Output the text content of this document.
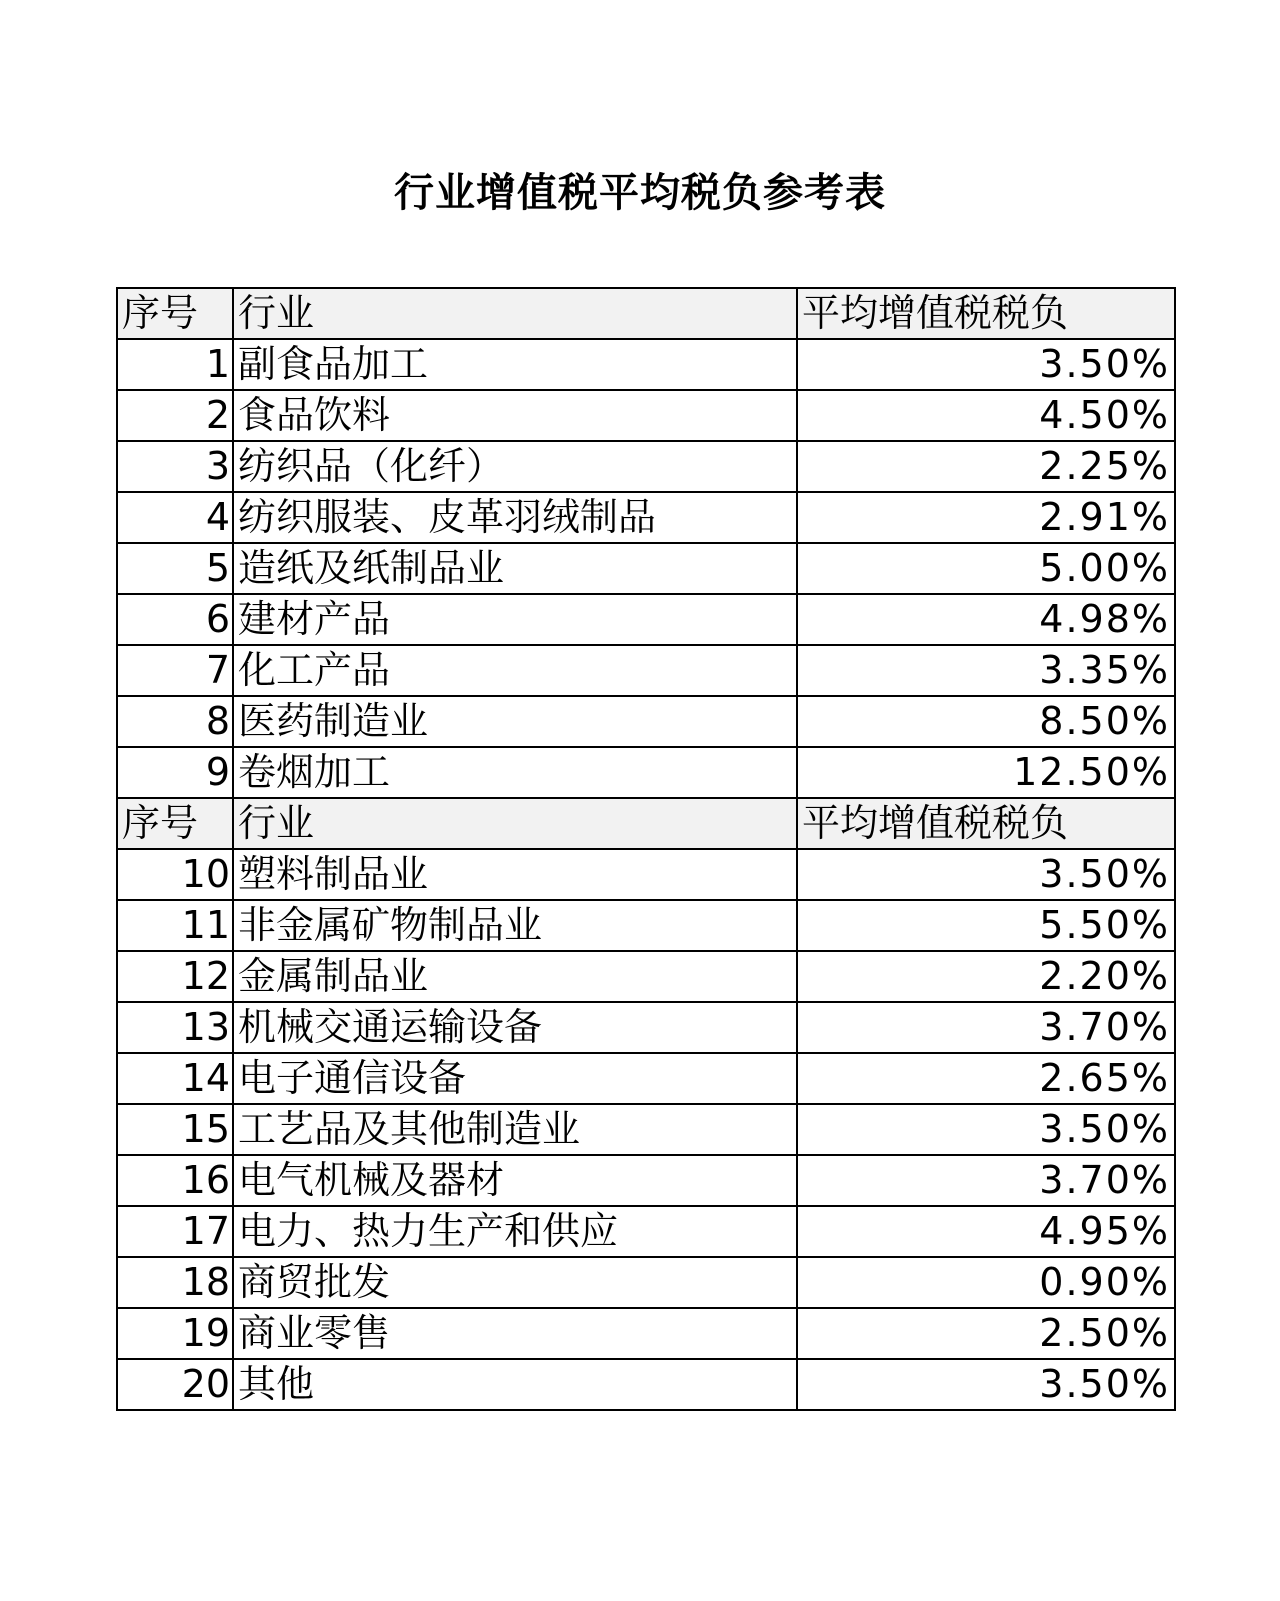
行业增值税平均税负参考表
序号	行业	平均增值税税负
1	副食品加工	3.50%
2	食品饮料	4.50%
3	纺织品（化纤）	2.25%
4	纺织服装、皮革羽绒制品	2.91%
5	造纸及纸制品业	5.00%
6	建材产品	4.98%
7	化工产品	3.35%
8	医药制造业	8.50%
9	卷烟加工	12.50%
序号	行业	平均增值税税负
10	塑料制品业	3.50%
11	非金属矿物制品业	5.50%
12	金属制品业	2.20%
13	机械交通运输设备	3.70%
14	电子通信设备	2.65%
15	工艺品及其他制造业	3.50%
16	电气机械及器材	3.70%
17	电力、热力生产和供应	4.95%
18	商贸批发	0.90%
19	商业零售	2.50%
20	其他	3.50%
